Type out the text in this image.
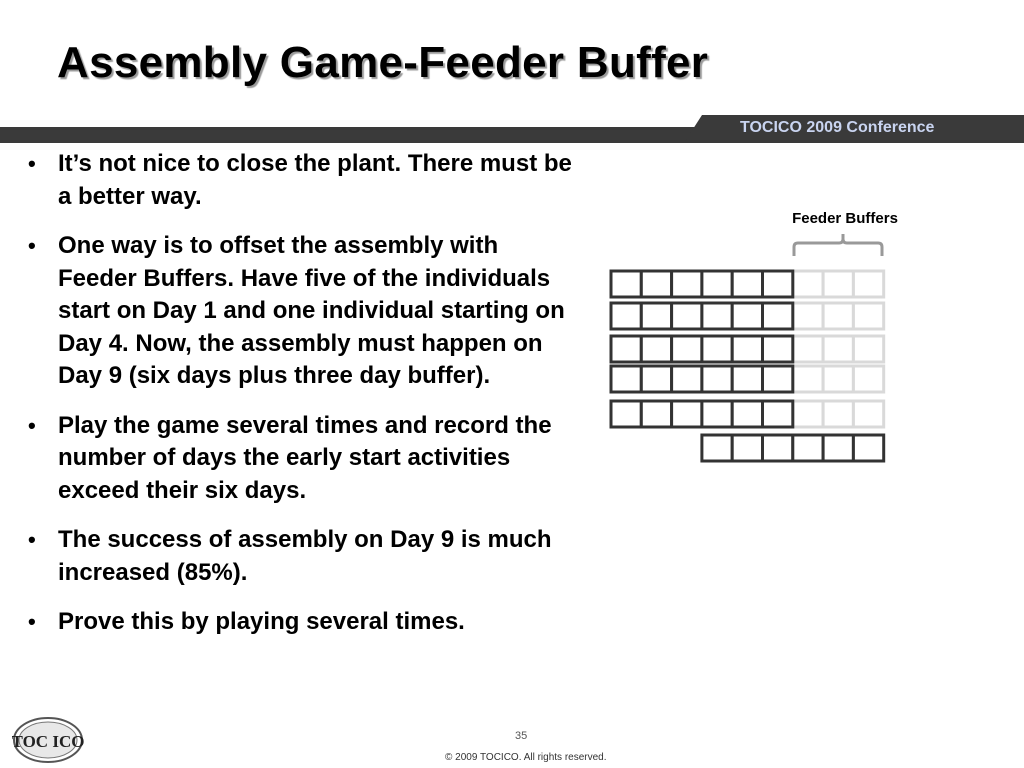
Assembly Game-Feeder Buffer
TOCICO 2009 Conference
• It’s not nice to close the plant. There must be a better way.
• One way is to offset the assembly with Feeder Buffers. Have five of the individuals start on Day 1 and one individual starting on Day 4. Now, the assembly must happen on Day 9 (six days plus three day buffer).
• Play the game several times and record the number of days the early start activities exceed their six days.
• The success of assembly on Day 9 is much increased (85%).
• Prove this by playing several times.
Feeder Buffers
TOC ICO	35
© 2009 TOCICO. All rights reserved.
